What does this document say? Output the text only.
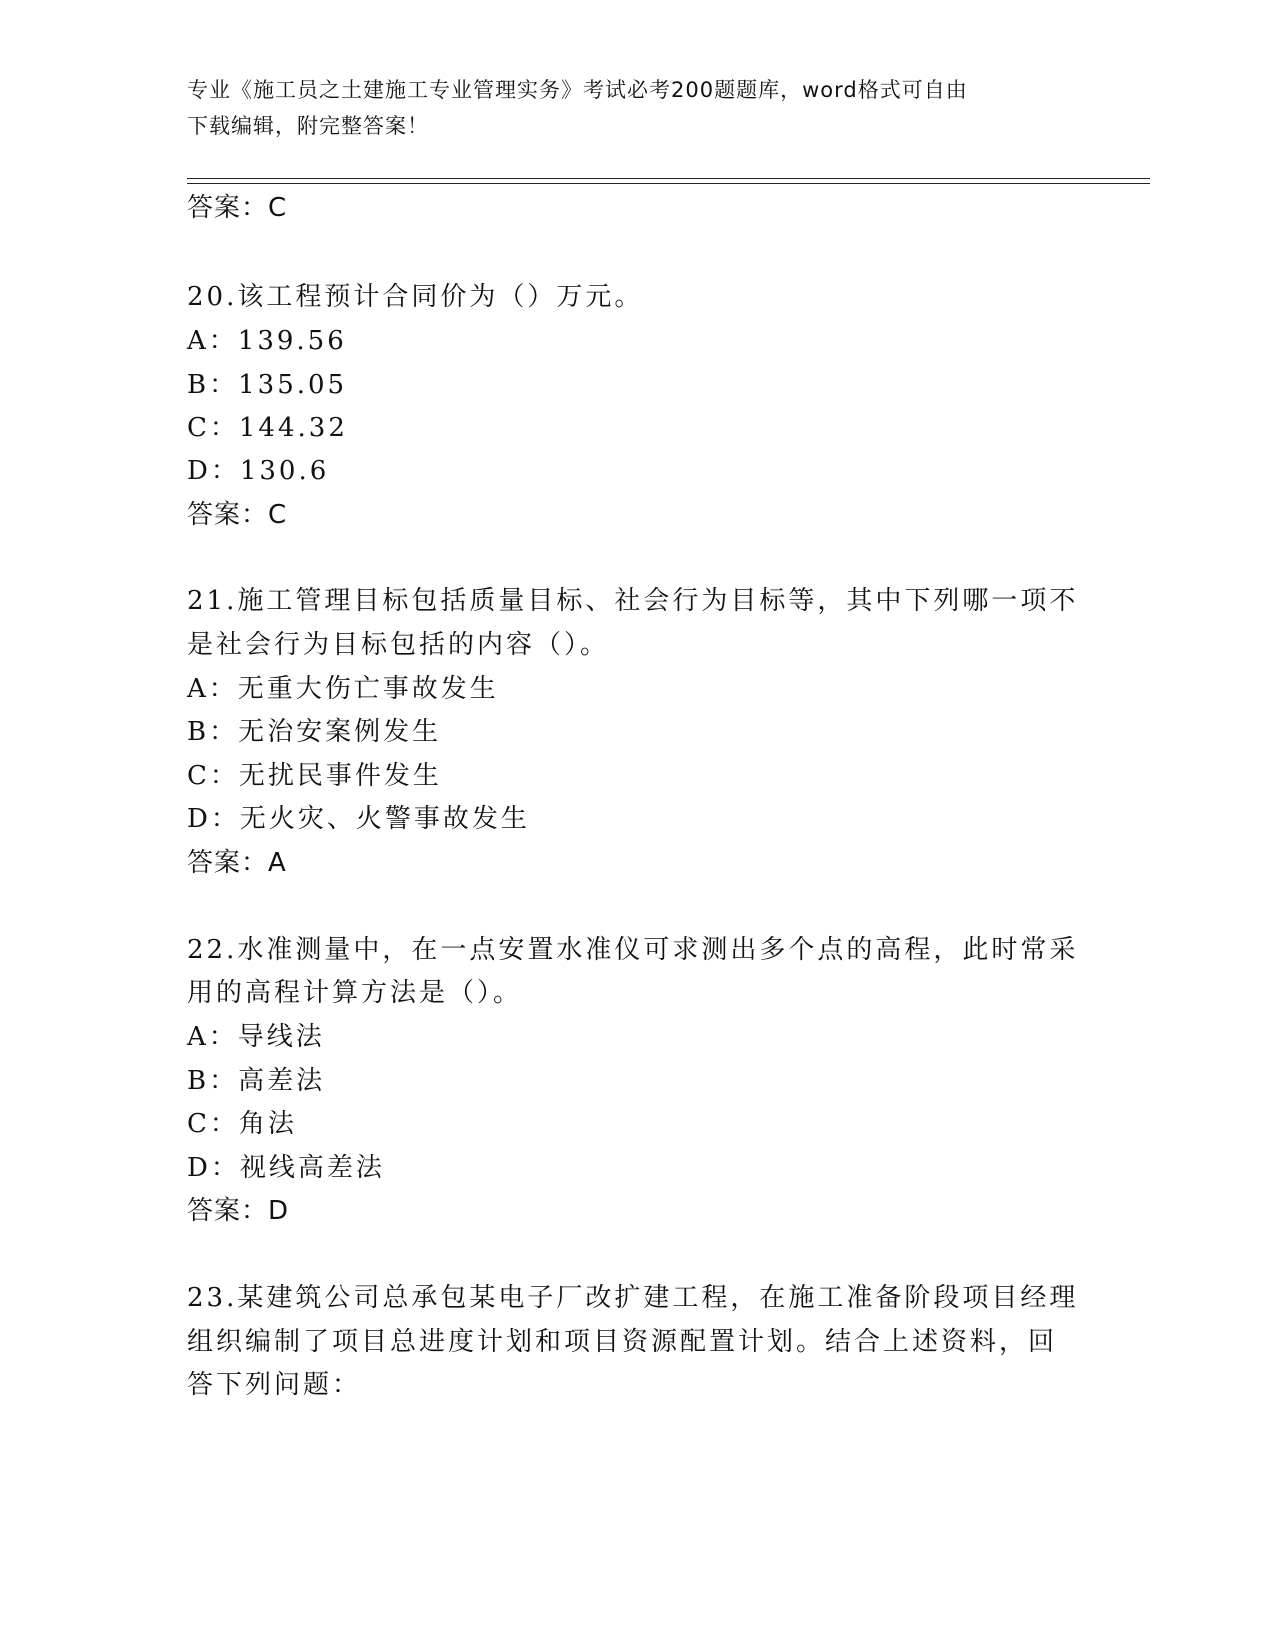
专业《施工员之土建施工专业管理实务》考试必考200题题库，word格式可自由
下载编辑，附完整答案！
答案：C
20.该工程预计合同价为（）万元。
A：139.56
B：135.05
C：144.32
D：130.6
答案：C
21.施工管理目标包括质量目标、社会行为目标等，其中下列哪一项不
是社会行为目标包括的内容（）。
A：无重大伤亡事故发生
B：无治安案例发生
C：无扰民事件发生
D：无火灾、火警事故发生
答案：A
22.水准测量中，在一点安置水准仪可求测出多个点的高程，此时常采
用的高程计算方法是（）。
A：导线法
B：高差法
C：角法
D：视线高差法
答案：D
23.某建筑公司总承包某电子厂改扩建工程，在施工准备阶段项目经理
组织编制了项目总进度计划和项目资源配置计划。结合上述资料，回
答下列问题：
